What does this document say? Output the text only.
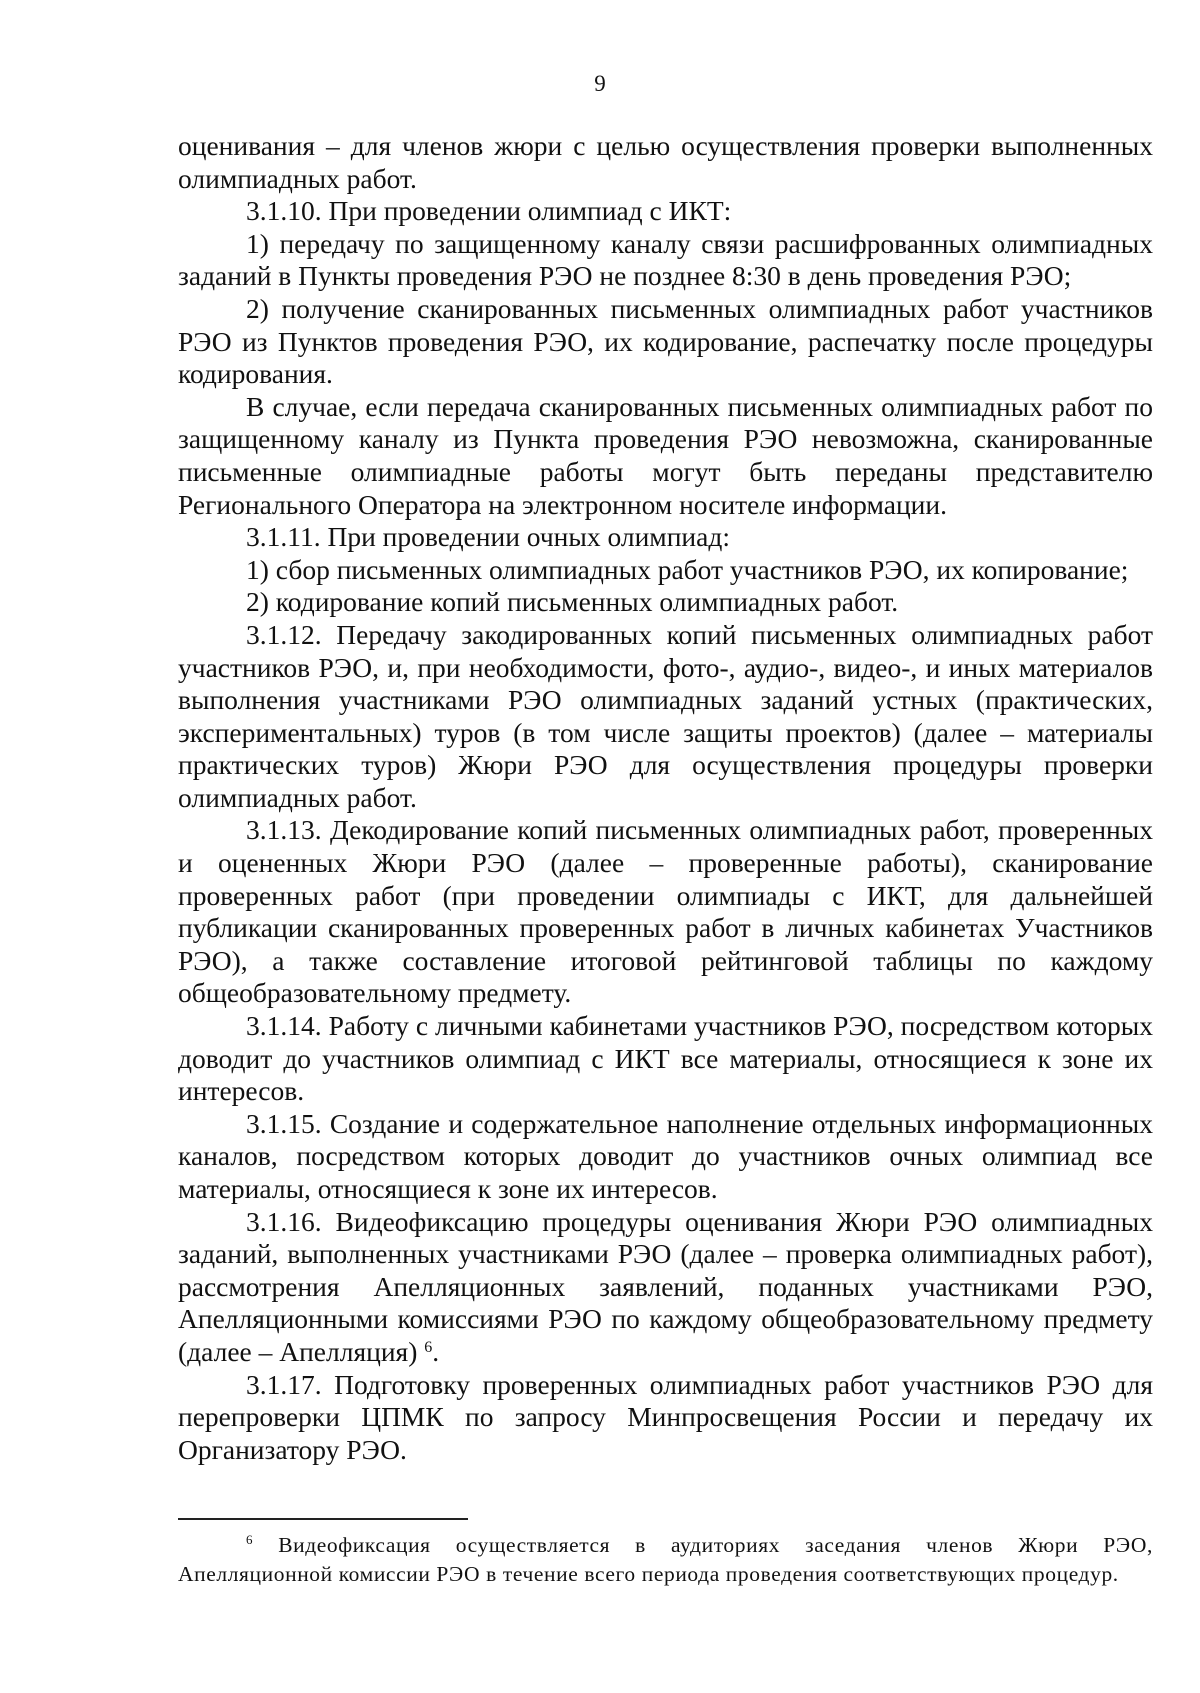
9

оценивания – для членов жюри с целью осуществления проверки выполненных олимпиадных работ.

3.1.10. При проведении олимпиад с ИКТ:

1) передачу по защищенному каналу связи расшифрованных олимпиадных заданий в Пункты проведения РЭО не позднее 8:30 в день проведения РЭО;

2) получение сканированных письменных олимпиадных работ участников РЭО из Пунктов проведения РЭО, их кодирование, распечатку после процедуры кодирования.

В случае, если передача сканированных письменных олимпиадных работ по защищенному каналу из Пункта проведения РЭО невозможна, сканированные письменные олимпиадные работы могут быть переданы представителю Регионального Оператора на электронном носителе информации.

3.1.11. При проведении очных олимпиад:

1) сбор письменных олимпиадных работ участников РЭО, их копирование;

2) кодирование копий письменных олимпиадных работ.

3.1.12. Передачу закодированных копий письменных олимпиадных работ участников РЭО, и, при необходимости, фото-, аудио-, видео-, и иных материалов выполнения участниками РЭО олимпиадных заданий устных (практических, экспериментальных) туров (в том числе защиты проектов) (далее – материалы практических туров) Жюри РЭО для осуществления процедуры проверки олимпиадных работ.

3.1.13. Декодирование копий письменных олимпиадных работ, проверенных и оцененных Жюри РЭО (далее – проверенные работы), сканирование проверенных работ (при проведении олимпиады с ИКТ, для дальнейшей публикации сканированных проверенных работ в личных кабинетах Участников РЭО), а также составление итоговой рейтинговой таблицы по каждому общеобразовательному предмету.

3.1.14. Работу с личными кабинетами участников РЭО, посредством которых доводит до участников олимпиад с ИКТ все материалы, относящиеся к зоне их интересов.

3.1.15. Создание и содержательное наполнение отдельных информационных каналов, посредством которых доводит до участников очных олимпиад все материалы, относящиеся к зоне их интересов.

3.1.16. Видеофиксацию процедуры оценивания Жюри РЭО олимпиадных заданий, выполненных участниками РЭО (далее – проверка олимпиадных работ), рассмотрения Апелляционных заявлений, поданных участниками РЭО, Апелляционными комиссиями РЭО по каждому общеобразовательному предмету (далее – Апелляция) $^6$.

3.1.17. Подготовку проверенных олимпиадных работ участников РЭО для перепроверки ЦПМК по запросу Минпросвещения России и передачу их Организатору РЭО.

$^6$ Видеофиксация осуществляется в аудиториях заседания членов Жюри РЭО, Апелляционной комиссии РЭО в течение всего периода проведения соответствующих процедур.
